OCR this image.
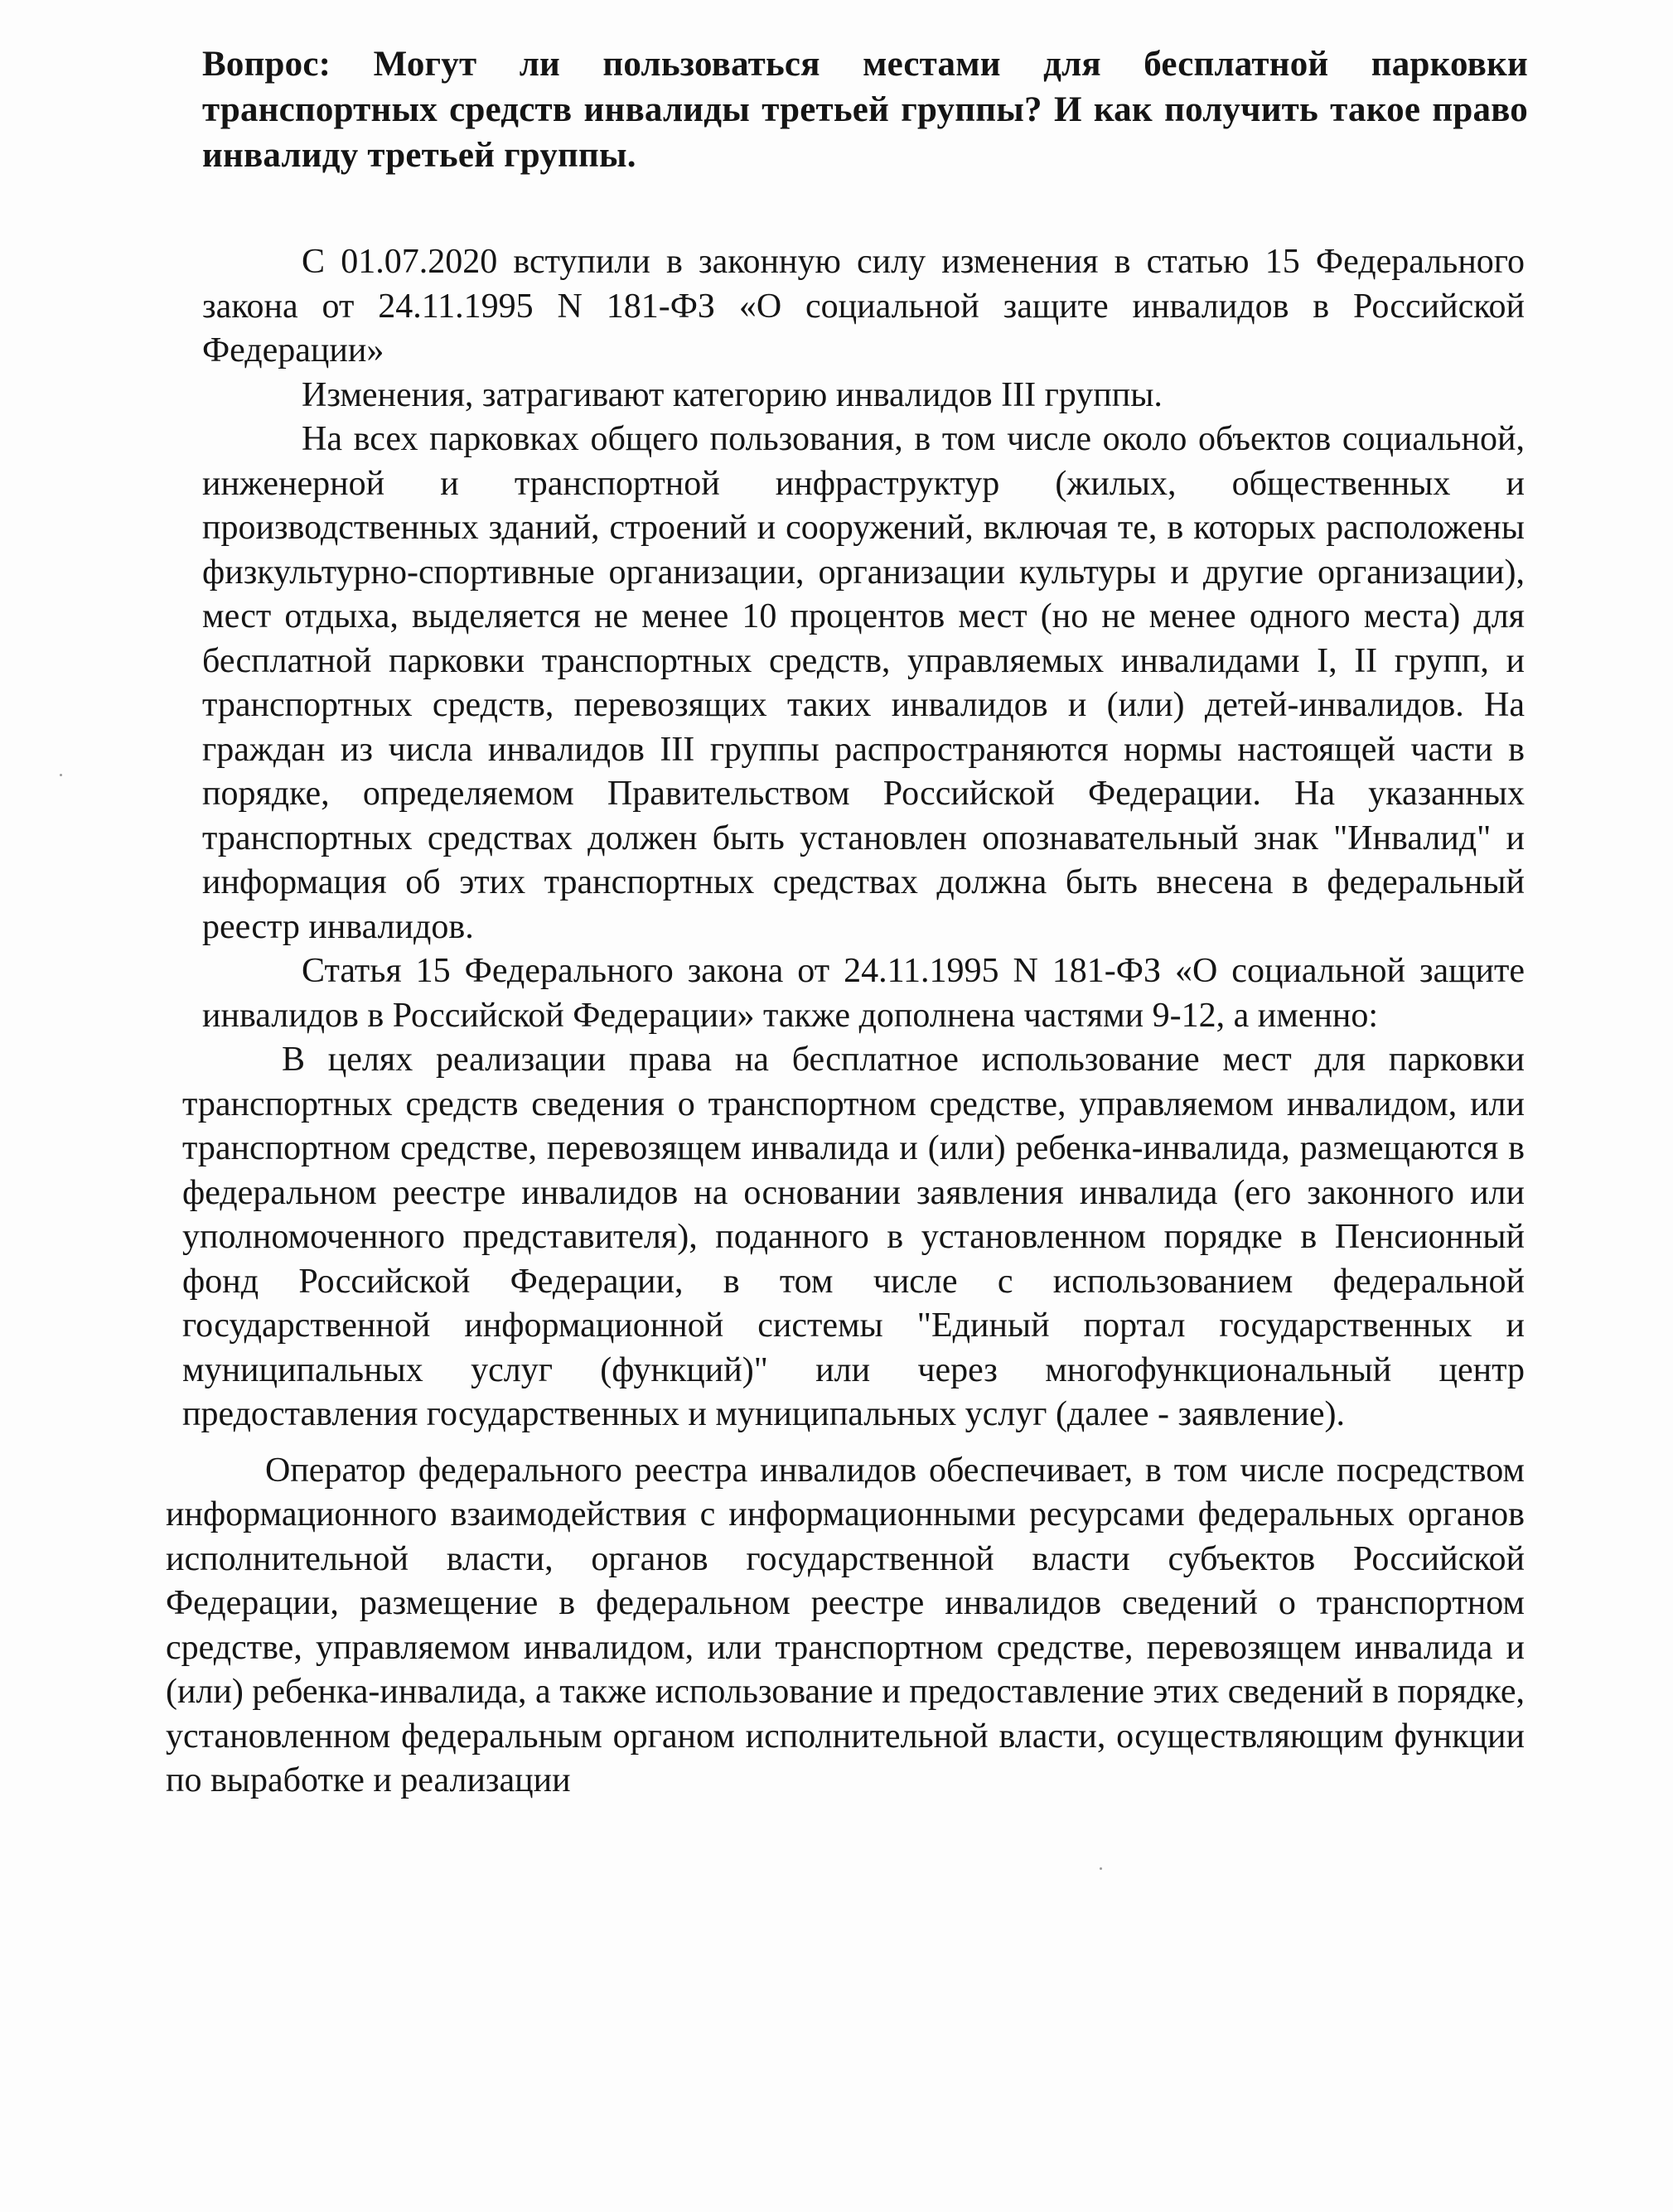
Вопрос: Могут ли пользоваться местами для бесплатной парковки транспортных средств инвалиды третьей группы? И как получить такое право инвалиду третьей группы.

С 01.07.2020 вступили в законную силу изменения в статью 15 Федерального закона от 24.11.1995 N 181-ФЗ «О социальной защите инвалидов в Российской Федерации»

Изменения, затрагивают категорию инвалидов III группы.

На всех парковках общего пользования, в том числе около объектов социальной, инженерной и транспортной инфраструктур (жилых, общественных и производственных зданий, строений и сооружений, включая те, в которых расположены физкультурно-спортивные организации, организации культуры и другие организации), мест отдыха, выделяется не менее 10 процентов мест (но не менее одного места) для бесплатной парковки транспортных средств, управляемых инвалидами I, II групп, и транспортных средств, перевозящих таких инвалидов и (или) детей-инвалидов. На граждан из числа инвалидов III группы распространяются нормы настоящей части в порядке, определяемом Правительством Российской Федерации. На указанных транспортных средствах должен быть установлен опознавательный знак "Инвалид" и информация об этих транспортных средствах должна быть внесена в федеральный реестр инвалидов.

Статья 15 Федерального закона от 24.11.1995 N 181-ФЗ «О социальной защите инвалидов в Российской Федерации» также дополнена частями 9-12, а именно:

В целях реализации права на бесплатное использование мест для парковки транспортных средств сведения о транспортном средстве, управляемом инвалидом, или транспортном средстве, перевозящем инвалида и (или) ребенка-инвалида, размещаются в федеральном реестре инвалидов на основании заявления инвалида (его законного или уполномоченного представителя), поданного в установленном порядке в Пенсионный фонд Российской Федерации, в том числе с использованием федеральной государственной информационной системы "Единый портал государственных и муниципальных услуг (функций)" или через многофункциональный центр предоставления государственных и муниципальных услуг (далее - заявление).

Оператор федерального реестра инвалидов обеспечивает, в том числе посредством информационного взаимодействия с информационными ресурсами федеральных органов исполнительной власти, органов государственной власти субъектов Российской Федерации, размещение в федеральном реестре инвалидов сведений о транспортном средстве, управляемом инвалидом, или транспортном средстве, перевозящем инвалида и (или) ребенка-инвалида, а также использование и предоставление этих сведений в порядке, установленном федеральным органом исполнительной власти, осуществляющим функции по выработке и реализации
